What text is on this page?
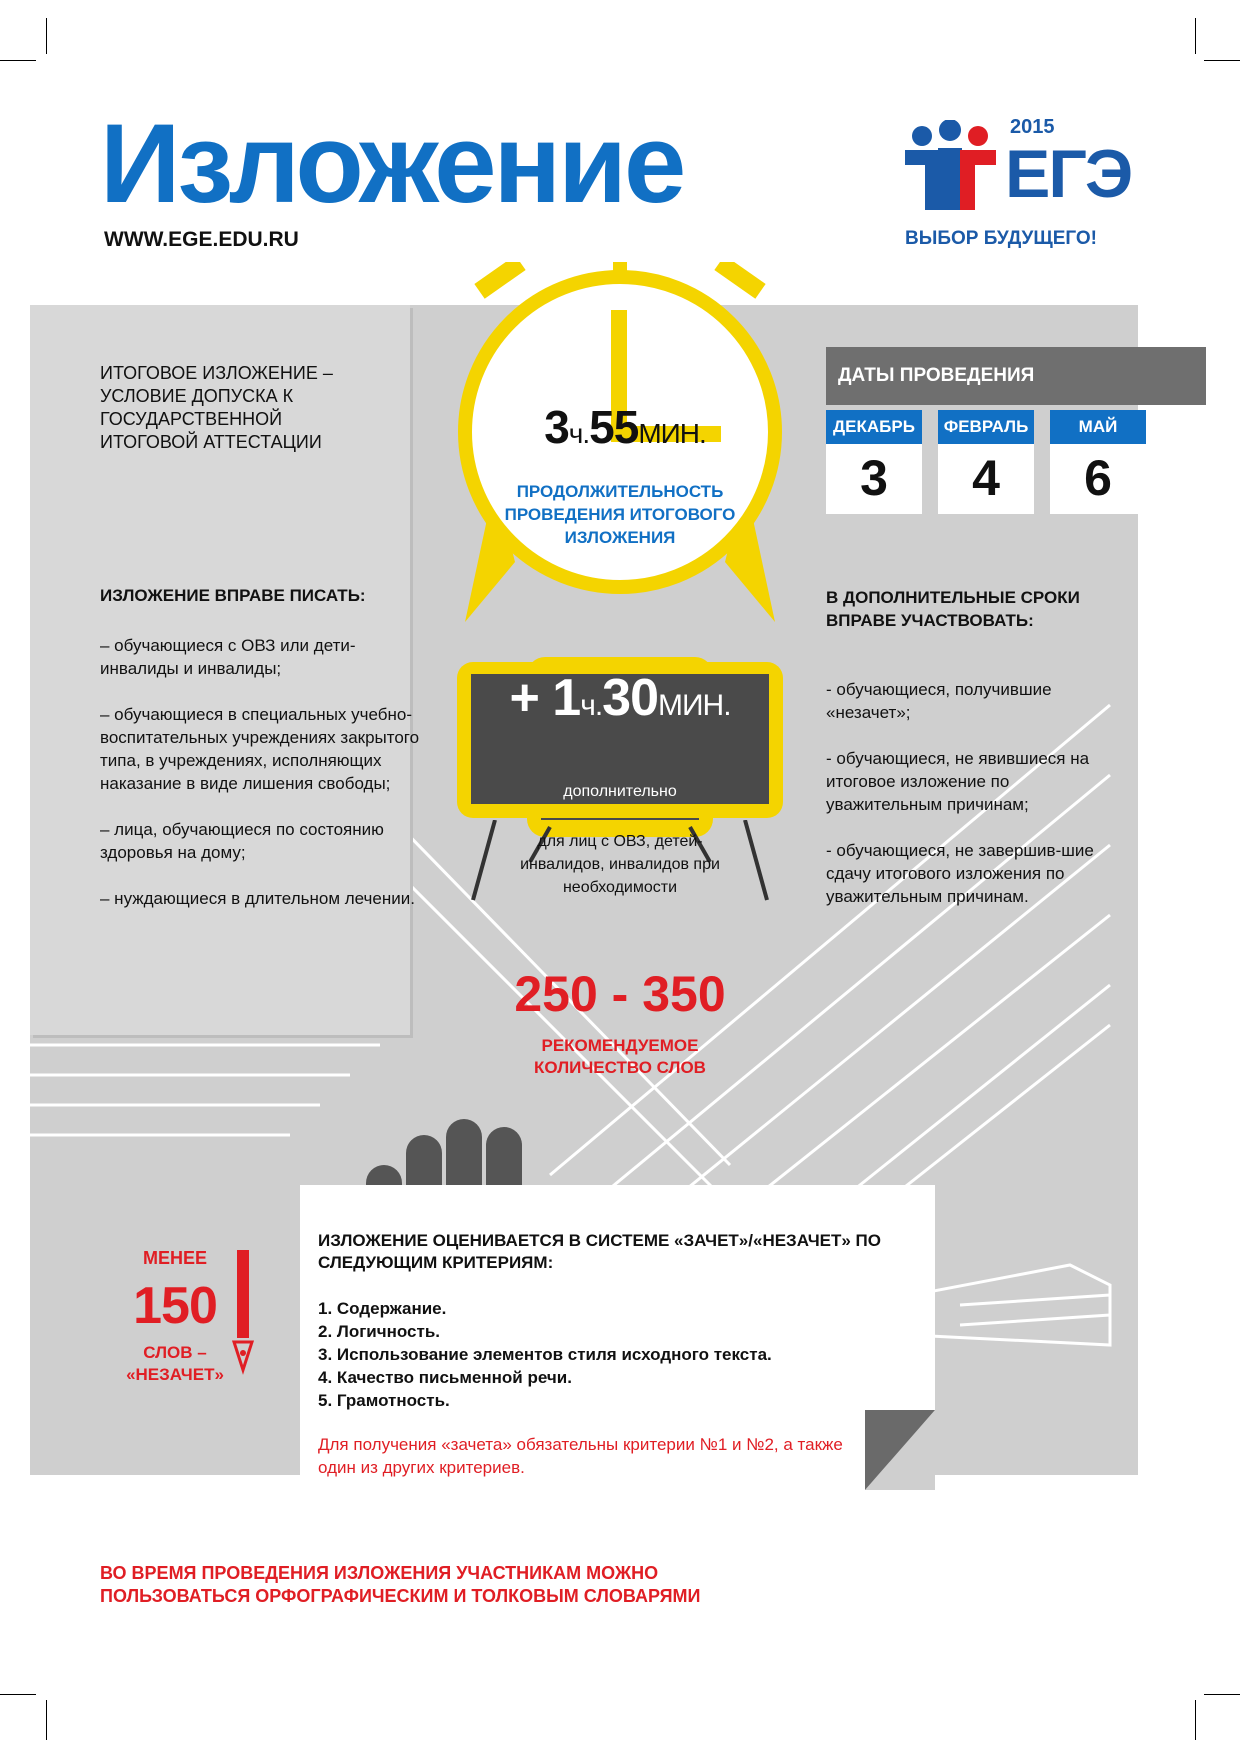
Изложение
WWW.EGE.EDU.RU
2015
ЕГЭ
ВЫБОР БУДУЩЕГО!
ИТОГОВОЕ ИЗЛОЖЕНИЕ – УСЛОВИЕ ДОПУСКА К ГОСУДАРСТВЕННОЙ ИТОГОВОЙ АТТЕСТАЦИИ
ИЗЛОЖЕНИЕ ВПРАВЕ ПИСАТЬ:

– обучающиеся с ОВЗ или дети-инвалиды и инвалиды;

– обучающиеся в специальных учебно-воспитательных учреждениях закрытого типа, в учреждениях, исполняющих наказание в виде лишения свободы;

– лица, обучающиеся по состоянию здоровья на дому;

– нуждающиеся в длительном лечении.

3ч.55МИН.
ПРОДОЛЖИТЕЛЬНОСТЬ ПРОВЕДЕНИЯ ИТОГОВОГО ИЗЛОЖЕНИЯ
+ 1ч.30МИН.
дополнительно
для лиц с ОВЗ, детей-инвалидов, инвалидов при необходимости
ДАТЫ ПРОВЕДЕНИЯ
ДЕКАБРЬ
3
ФЕВРАЛЬ
4
МАЙ
6
В ДОПОЛНИТЕЛЬНЫЕ СРОКИ ВПРАВЕ УЧАСТВОВАТЬ:

- обучающиеся, получившие «незачет»;

- обучающиеся, не явившиеся на итоговое изложение по уважительным причинам;

- обучающиеся, не завершив-шие сдачу итогового изложения по уважительным причинам.

250 - 350
РЕКОМЕНДУЕМОЕ КОЛИЧЕСТВО СЛОВ
ИЗЛОЖЕНИЕ ОЦЕНИВАЕТСЯ В СИСТЕМЕ «ЗАЧЕТ»/«НЕЗАЧЕТ» ПО СЛЕДУЮЩИМ КРИТЕРИЯМ:
1. Содержание.
2. Логичность.
3. Использование элементов стиля исходного текста.
4. Качество письменной речи.
5. Грамотность.
Для получения «зачета» обязательны критерии №1 и №2, а также один из других критериев.
МЕНЕЕ
150
СЛОВ – «НЕЗАЧЕТ»
ВО ВРЕМЯ ПРОВЕДЕНИЯ ИЗЛОЖЕНИЯ УЧАСТНИКАМ МОЖНО ПОЛЬЗОВАТЬСЯ ОРФОГРАФИЧЕСКИМ И ТОЛКОВЫМ СЛОВАРЯМИ
